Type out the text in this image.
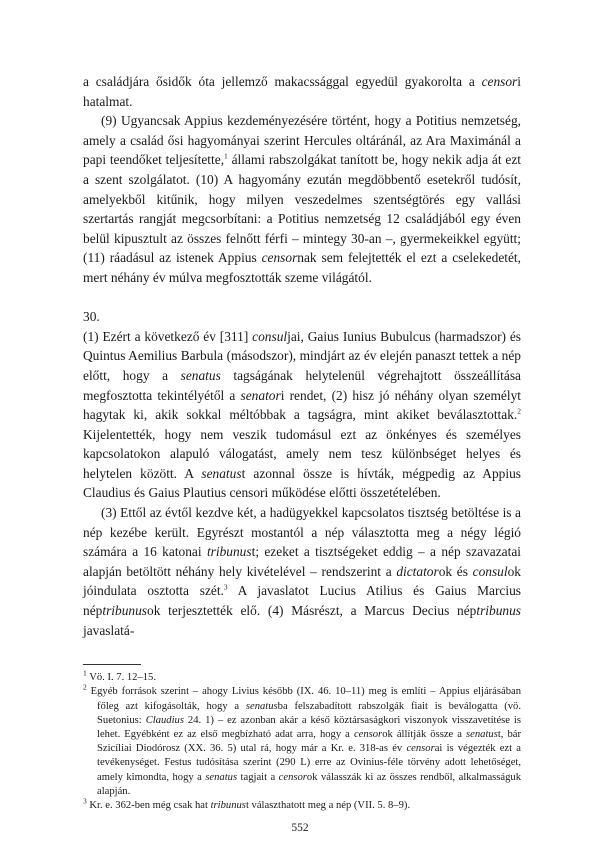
a családjára ősidők óta jellemző makacssággal egyedül gyakorolta a censori hatalmat.

(9) Ugyancsak Appius kezdeményezésére történt, hogy a Potitius nemzetség, amely a család ősi hagyományai szerint Hercules oltáránál, az Ara Maximánál a papi teendőket teljesítette,$^1$ állami rabszolgákat tanított be, hogy nekik adja át ezt a szent szolgálatot. (10) A hagyomány ezután megdöbbentő esetekről tudósít, amelyekből kitűnik, hogy milyen veszedelmes szentségtörés egy vallási szertartás rangját megcsorbítani: a Potitius nemzetség 12 családjából egy éven belül kipusztult az összes felnőtt férfi – mintegy 30-an –, gyermekeikkel együtt; (11) ráadásul az istenek Appius censornak sem felejtették el ezt a cselekedetét, mert néhány év múlva megfosztották szeme világától.

30.

(1) Ezért a következő év [311] consuljai, Gaius Iunius Bubulcus (harmadszor) és Quintus Aemilius Barbula (másodszor), mindjárt az év elején panaszt tettek a nép előtt, hogy a senatus tagságának helytelenül végrehajtott összeállítása megfosztotta tekintélyétől a senatori rendet, (2) hisz jó néhány olyan személyt hagytak ki, akik sokkal méltóbbak a tagságra, mint akiket beválasztottak.$^2$ Kijelentették, hogy nem veszik tudomásul ezt az önkényes és személyes kapcsolatokon alapuló válogatást, amely nem tesz különbséget helyes és helytelen között. A senatust azonnal össze is hívták, mégpedig az Appius Claudius és Gaius Plautius censori működése előtti összetételében.

(3) Ettől az évtől kezdve két, a hadügyekkel kapcsolatos tisztség betöltése is a nép kezébe került. Egyrészt mostantól a nép választotta meg a négy légió számára a 16 katonai tribunust; ezeket a tisztségeket eddig – a nép szavazatai alapján betöltött néhány hely kivételével – rendszerint a dictatorok és consulok jóindulata osztotta szét.$^3$ A javaslatot Lucius Atilius és Gaius Marcius néptribunusok terjesztették elő. (4) Másrészt, a Marcus Decius néptribunus javaslatá-

$^1$ Vö. I. 7. 12–15.

$^2$ Egyéb források szerint – ahogy Livius később (IX. 46. 10–11) meg is említi – Appius eljárásában főleg azt kifogásolták, hogy a senatusba felszabadított rabszolgák fiait is beválogatta (vö. Suetonius: Claudius 24. 1) – ez azonban akár a késő köztársaságkori viszonyok visszavetítése is lehet. Egyébként ez az első megbízható adat arra, hogy a censorok állítják össze a senatust, bár Szicíliai Diodórosz (XX. 36. 5) utal rá, hogy már a Kr. e. 318-as év censorai is végezték ezt a tevékenységet. Festus tudósítása szerint (290 L) erre az Ovinius-féle törvény adott lehetőséget, amely kimondta, hogy a senatus tagjait a censorok válasszák ki az összes rendből, alkalmasságuk alapján.

$^3$ Kr. e. 362-ben még csak hat tribunust választhatott meg a nép (VII. 5. 8–9).

552
